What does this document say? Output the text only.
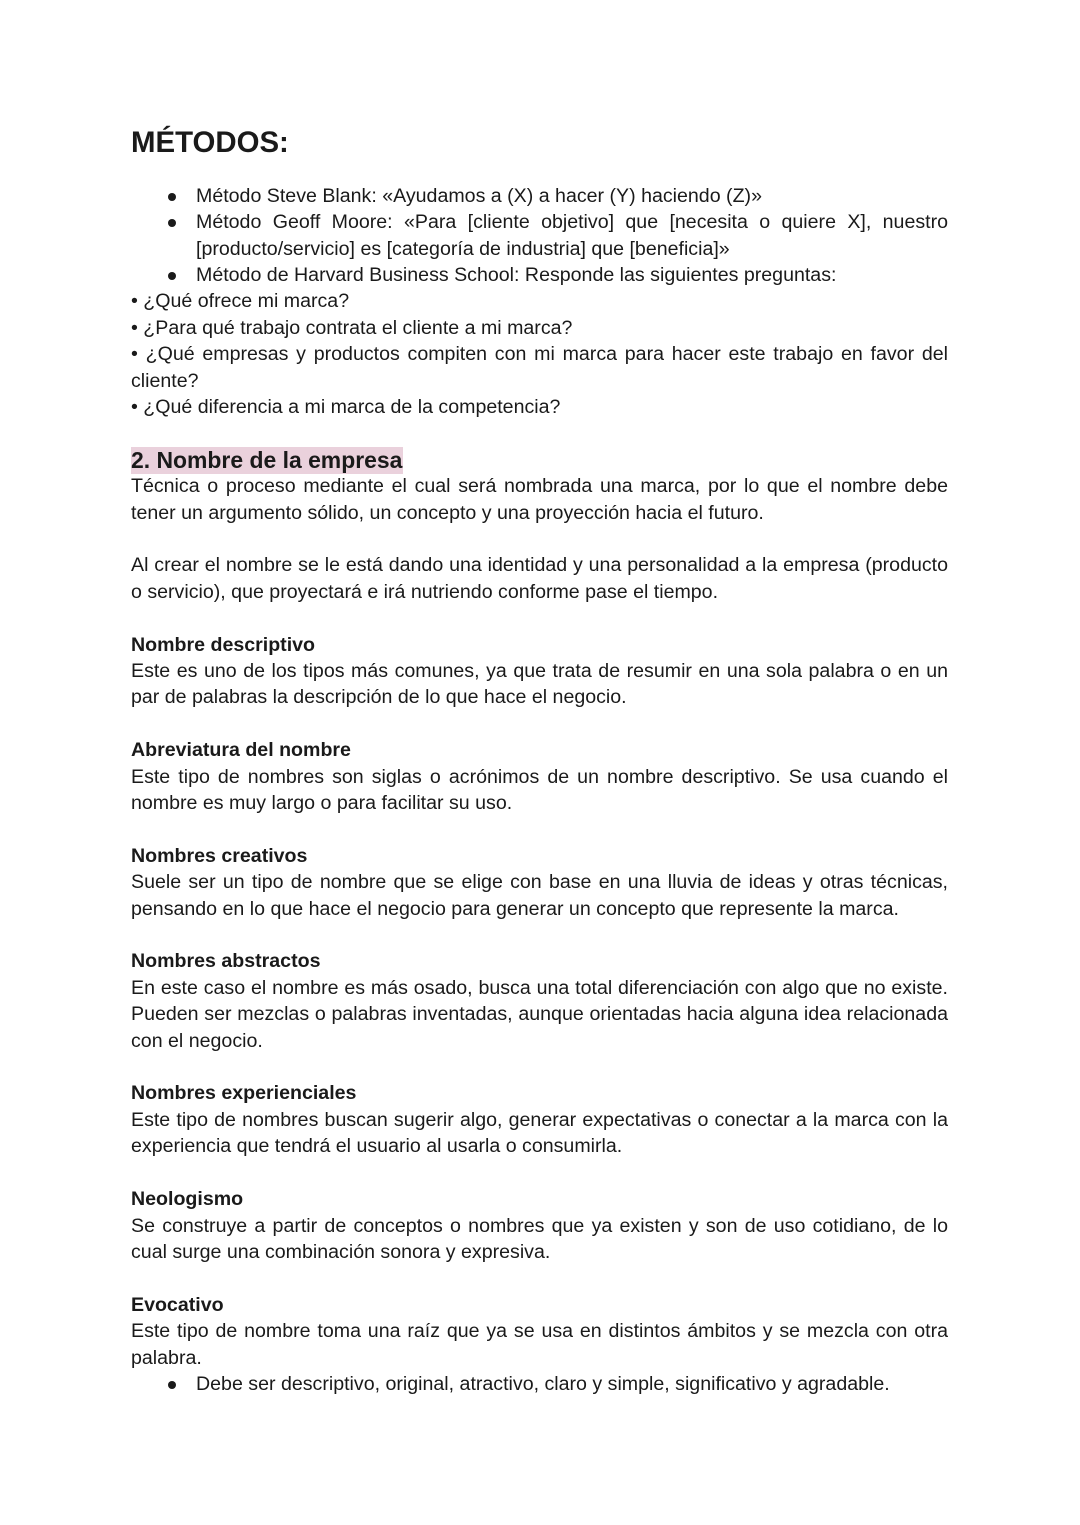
MÉTODOS:
Método Steve Blank: «Ayudamos a (X) a hacer (Y) haciendo (Z)»
Método Geoff Moore: «Para [cliente objetivo] que [necesita o quiere X], nuestro [producto/servicio] es [categoría de industria] que [beneficia]»
Método de Harvard Business School: Responde las siguientes preguntas:
• ¿Qué ofrece mi marca?
• ¿Para qué trabajo contrata el cliente a mi marca?
• ¿Qué empresas y productos compiten con mi marca para hacer este trabajo en favor del cliente?
• ¿Qué diferencia a mi marca de la competencia?
2. Nombre de la empresa

Técnica o proceso mediante el cual será nombrada una marca, por lo que el nombre debe tener un argumento sólido, un concepto y una proyección hacia el futuro.

Al crear el nombre se le está dando una identidad y una personalidad a la empresa (producto o servicio), que proyectará e irá nutriendo conforme pase el tiempo.

Nombre descriptivo

Este es uno de los tipos más comunes, ya que trata de resumir en una sola palabra o en un par de palabras la descripción de lo que hace el negocio.

Abreviatura del nombre

Este tipo de nombres son siglas o acrónimos de un nombre descriptivo. Se usa cuando el nombre es muy largo o para facilitar su uso.

Nombres creativos

Suele ser un tipo de nombre que se elige con base en una lluvia de ideas y otras técnicas, pensando en lo que hace el negocio para generar un concepto que represente la marca.

Nombres abstractos

En este caso el nombre es más osado, busca una total diferenciación con algo que no existe. Pueden ser mezclas o palabras inventadas, aunque orientadas hacia alguna idea relacionada con el negocio.

Nombres experienciales

Este tipo de nombres buscan sugerir algo, generar expectativas o conectar a la marca con la experiencia que tendrá el usuario al usarla o consumirla.

Neologismo

Se construye a partir de conceptos o nombres que ya existen y son de uso cotidiano, de lo cual surge una combinación sonora y expresiva.

Evocativo

Este tipo de nombre toma una raíz que ya se usa en distintos ámbitos y se mezcla con otra palabra.

Debe ser descriptivo, original, atractivo, claro y simple, significativo y agradable.
